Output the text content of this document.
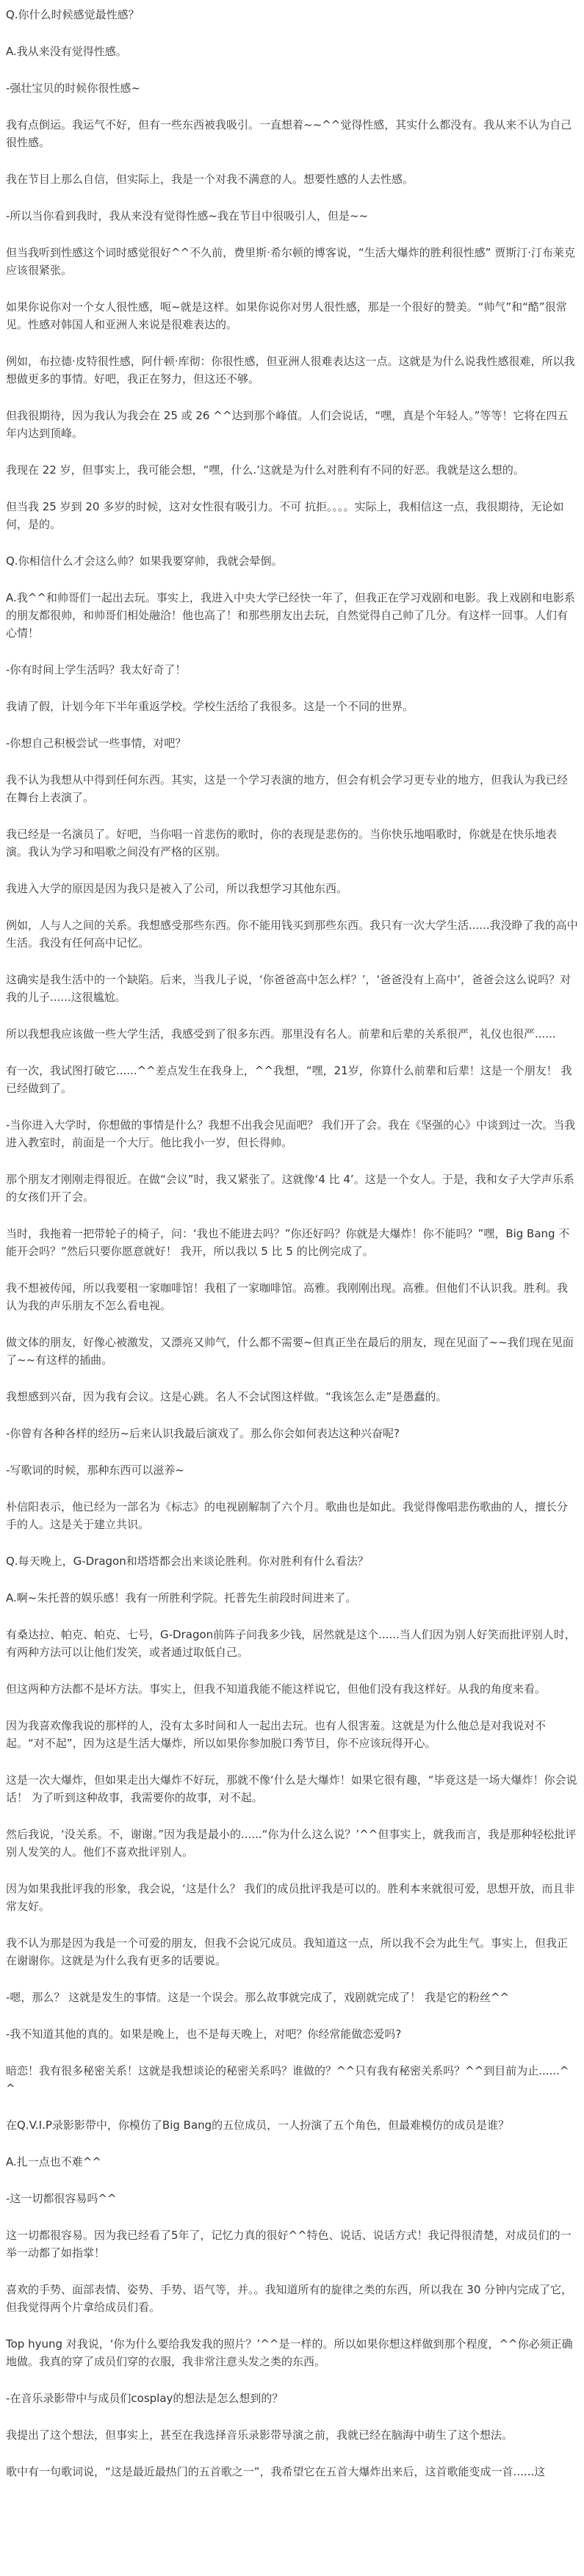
Q.你什么时候感觉最性感？

A.我从来没有觉得性感。

-强壮宝贝的时候你很性感~

我有点倒运。我运气不好，但有一些东西被我吸引。一直想着~~^^觉得性感，其实什么都没有。我从来不认为自己很性感。

我在节目上那么自信，但实际上，我是一个对我不满意的人。想要性感的人去性感。

-所以当你看到我时，我从来没有觉得性感~我在节目中很吸引人，但是~~

但当我听到性感这个词时感觉很好^^不久前，费里斯·希尔顿的博客说，“生活大爆炸的胜利很性感” 贾斯汀·汀布莱克应该很紧张。

如果你说你对一个女人很性感，呃~就是这样。如果你说你对男人很性感，那是一个很好的赞美。“帅气”和“酷”很常见。性感对韩国人和亚洲人来说是很难表达的。

例如，布拉德·皮特很性感，阿什顿·库彻：你很性感，但亚洲人很难表达这一点。这就是为什么说我性感很难，所以我想做更多的事情。好吧，我正在努力，但这还不够。

但我很期待，因为我认为我会在 25 或 26 ^^达到那个峰值。人们会说话，“嘿，真是个年轻人。”等等！它将在四五年内达到顶峰。

我现在 22 岁，但事实上，我可能会想，“嘿，什么.’这就是为什么对胜利有不同的好恶。我就是这么想的。

但当我 25 岁到 20 多岁的时候，这对女性很有吸引力。不可 抗拒。。。。实际上，我相信这一点，我很期待，无论如何，是的。

Q.你相信什么才会这么帅？如果我要穿帅，我就会晕倒。

A.我^^和帅哥们一起出去玩。事实上，我进入中央大学已经快一年了，但我正在学习戏剧和电影。我上戏剧和电影系的朋友都很帅，和帅哥们相处融洽！他也高了！和那些朋友出去玩，自然觉得自己帅了几分。有这样一回事。人们有心情！

-你有时间上学生活吗？我太好奇了！

我请了假，计划今年下半年重返学校。学校生活给了我很多。这是一个不同的世界。

-你想自己积极尝试一些事情，对吧？

我不认为我想从中得到任何东西。其实，这是一个学习表演的地方，但会有机会学习更专业的地方，但我认为我已经在舞台上表演了。

我已经是一名演员了。好吧，当你唱一首悲伤的歌时，你的表现是悲伤的。当你快乐地唱歌时，你就是在快乐地表演。我认为学习和唱歌之间没有严格的区别。

我进入大学的原因是因为我只是被入了公司，所以我想学习其他东西。

例如，人与人之间的关系。我想感受那些东西。你不能用钱买到那些东西。我只有一次大学生活......我没睁了我的高中生活。我没有任何高中记忆。

这确实是我生活中的一个缺陷。后来，当我儿子说，‘你爸爸高中怎么样？’，‘爸爸没有上高中’，爸爸会这么说吗？对我的儿子......这很尴尬。

所以我想我应该做一些大学生活，我感受到了很多东西。那里没有名人。前辈和后辈的关系很严，礼仪也很严......

有一次，我试图打破它......^^差点发生在我身上，^^我想，“嘿，21岁，你算什么前辈和后辈！这是一个朋友！ 我已经做到了。

-当你进入大学时，你想做的事情是什么？我想不出我会见面吧？ 我们开了会。我在《坚强的心》中谈到过一次。当我进入教室时，前面是一个大厅。他比我小一岁，但长得帅。

那个朋友才刚刚走得很近。在做“会议”时，我又紧张了。这就像‘4 比 4’。这是一个女人。于是，我和女子大学声乐系的女孩们开了会。

当时，我拖着一把带轮子的椅子，问：‘我也不能进去吗？”你还好吗？你就是大爆炸！你不能吗？”嘿，Big Bang 不能开会吗？”然后只要你愿意就好！ 我开，所以我以 5 比 5 的比例完成了。

我不想被传闻，所以我要租一家咖啡馆！我租了一家咖啡馆。高雅。我刚刚出现。高雅。但他们不认识我。胜利。我认为我的声乐朋友不怎么看电视。

做文体的朋友，好像心被激发，又漂亮又帅气，什么都不需要~但真正坐在最后的朋友，现在见面了~~我们现在见面了~~有这样的插曲。

我想感到兴奋，因为我有会议。这是心跳。名人不会试图这样做。“我该怎么走”是愚蠢的。

-你曾有各种各样的经历~后来认识我最后演戏了。那么你会如何表达这种兴奋呢?

-写歌词的时候，那种东西可以滋养~

朴信阳表示，他已经为一部名为《标志》的电视剧解制了六个月。歌曲也是如此。我觉得像唱悲伤歌曲的人，擅长分手的人。这是关于建立共识。

Q.每天晚上，G-Dragon和塔塔都会出来谈论胜利。你对胜利有什么看法？

A.啊~朱托普的娱乐感！我有一所胜利学院。托普先生前段时间进来了。

有桑达拉、帕克、帕克、七号，G-Dragon前阵子问我多少钱，居然就是这个......当人们因为别人好笑而批评别人时，有两种方法可以让他们发笑，或者通过取低自己。

但这两种方法都不是坏方法。事实上，但我不知道我能不能这样说它，但他们没有我这样好。从我的角度来看。

因为我喜欢像我说的那样的人，没有太多时间和人一起出去玩。也有人很害羞。这就是为什么他总是对我说对不起。“对不起”，因为这是生活大爆炸，所以如果你参加脱口秀节目，你不应该玩得开心。

这是一次大爆炸，但如果走出大爆炸不好玩，那就不像‘什么是大爆炸！如果它很有趣，“毕竟这是一场大爆炸！你会说话！ 为了听到这种故事，我需要你的故事，对不起。

然后我说，‘没关系。不，谢谢。”因为我是最小的......“你为什么这么说？’^^但事实上，就我而言，我是那种轻松批评别人发笑的人。他们不喜欢批评别人。

因为如果我批评我的形象，我会说，‘这是什么？ 我们的成员批评我是可以的。胜利本来就很可爱，思想开放，而且非常友好。

我不认为那是因为我是一个可爱的朋友，但我不会说冗成员。我知道这一点，所以我不会为此生气。事实上，但我正在谢谢你。这就是为什么我有更多的话要说。

-嗯，那么？ 这就是发生的事情。这是一个误会。那么故事就完成了，戏剧就完成了！ 我是它的粉丝^^

-我不知道其他的真的。如果是晚上，也不是每天晚上，对吧？你经常能做恋爱吗?

暗恋！我有很多秘密关系！这就是我想谈论的秘密关系吗？谁做的？^^只有我有秘密关系吗？^^到目前为止......^^

在Q.V.I.P录影影带中，你模仿了Big Bang的五位成员，一人扮演了五个角色，但最难模仿的成员是谁？

A.扎一点也不难^^

-这一切都很容易吗^^

这一切都很容易。因为我已经看了5年了，记忆力真的很好^^特色、说话、说话方式！我记得很清楚，对成员们的一举一动都了如指掌！

喜欢的手势、面部表情、姿势、手势、语气等，并。。我知道所有的旋律之类的东西，所以我在 30 分钟内完成了它，但我觉得两个片拿给成员们看。

Top hyung 对我说，‘你为什么要给我发我的照片？’^^是一样的。所以如果你想这样做到那个程度，^^你必须正确地做。我真的穿了成员们穿的衣服，我非常注意头发之类的东西。

-在音乐录影带中与成员们cosplay的想法是怎么想到的？

我提出了这个想法，但事实上，甚至在我选择音乐录影带导演之前，我就已经在脑海中萌生了这个想法。

歌中有一句歌词说，“这是最近最热门的五首歌之一”，我希望它在五首大爆炸出来后，这首歌能变成一首......这
